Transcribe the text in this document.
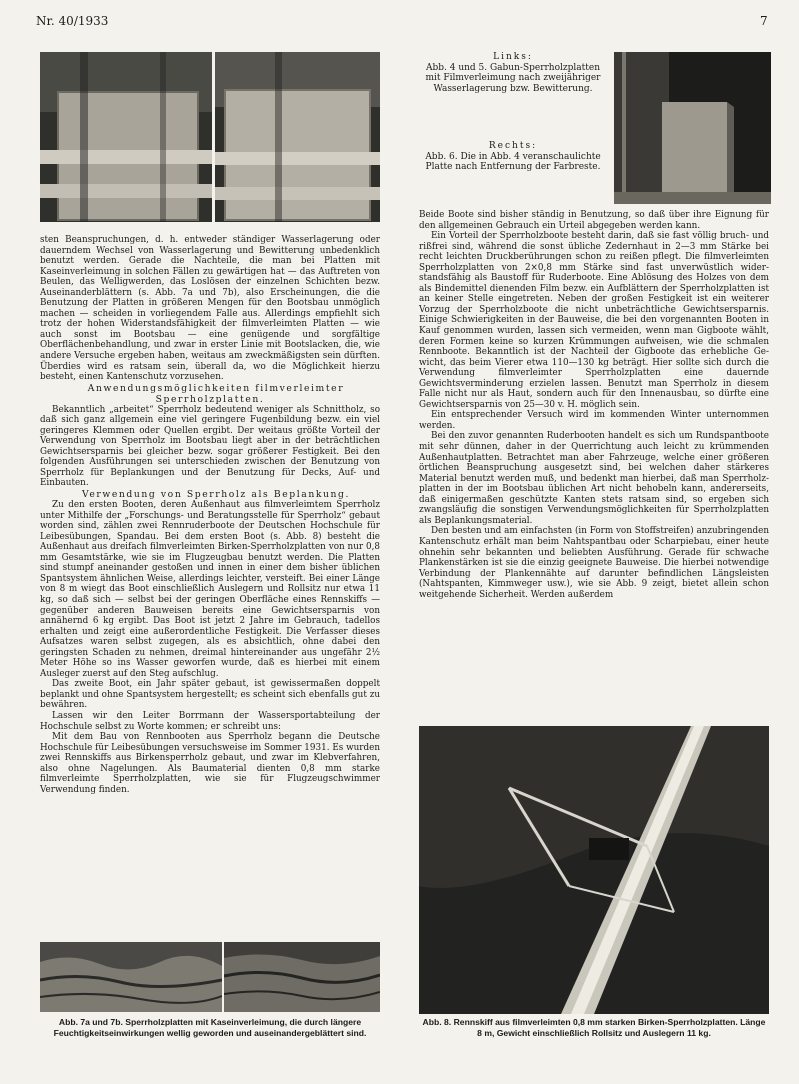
Nr. 40/1933	7
Links:
Abb. 4 und 5. Gabun-Sperrholzplatten mit Filmverleimung nach zweijähriger Wasserlagerung bzw. Bewitterung.
Rechts:
Abb. 6. Die in Abb. 4 veranschaulichte Platte nach Entfernung der Farbreste.

sten Beanspruchungen, d. h. entweder ständiger Wasserlagerung oder dauerndem Wechsel von Wasserlagerung und Bewitterung unbedenklich benutzt werden. Gerade die Nachteile, die man bei Platten mit Kaseinverleimung in solchen Fällen zu gewärtigen hat — das Auftreten von Beulen, das Welligwerden, das Loslösen der einzelnen Schichten bezw. Auseinanderblättern (s. Abb. 7a und 7b), also Erscheinungen, die die Benutzung der Platten in größeren Mengen für den Bootsbau unmöglich machen — scheiden in vorliegendem Falle aus. Allerdings empfiehlt sich trotz der hohen Widerstandsfähigkeit der filmverleimten Platten — wie auch sonst im Bootsbau — eine genügende und sorgfältige Oberflächenbehandlung, und zwar in erster Linie mit Bootslacken, die, wie andere Versuche ergeben haben, weitaus am zweckmäßigsten sein dürften. Überdies wird es ratsam sein, überall da, wo die Möglichkeit hierzu besteht, einen Kantenschutz vorzusehen.

Anwendungsmöglichkeiten filmverleimter Sperrholzplatten.

Bekanntlich „arbeitet“ Sperrholz bedeutend weniger als Schnittholz, so daß sich ganz allgemein eine viel geringere Fugenbildung bezw. ein viel geringeres Klemmen oder Quellen ergibt. Der weitaus größte Vorteil der Verwendung von Sperrholz im Bootsbau liegt aber in der beträchtlichen Gewichtsersparnis bei gleicher bezw. sogar größerer Festigkeit. Bei den folgenden Ausführungen sei unterschieden zwischen der Benutzung von Sperrholz für Beplankungen und der Benutzung für Decks, Auf- und Einbauten.

Verwendung von Sperrholz als Beplankung.

Zu den ersten Booten, deren Außenhaut aus filmverleimtem Sperrholz unter Mithilfe der „Forschungs- und Beratungsstelle für Sperrholz“ gebaut worden sind, zählen zwei Rennruderboote der Deutschen Hochschule für Leibesübungen, Spandau. Bei dem ersten Boot (s. Abb. 8) besteht die Außenhaut aus dreifach filmverleimten Birken-Sperrholzplatten von nur 0,8 mm Gesamtstärke, wie sie im Flugzeugbau benutzt werden. Die Platten sind stumpf aneinander gestoßen und innen in einer dem bisher üblichen Spantsystem ähnlichen Weise, allerdings leichter, versteift. Bei einer Länge von 8 m wiegt das Boot einschließlich Auslegern und Rollsitz nur etwa 11 kg, so daß sich — selbst bei der geringen Oberfläche eines Rennskiffs — gegenüber anderen Bauweisen bereits eine Gewichtsersparnis von annähernd 6 kg ergibt. Das Boot ist jetzt 2 Jahre im Gebrauch, tadellos erhalten und zeigt eine außerordentliche Festigkeit. Die Verfasser dieses Aufsatzes waren selbst zugegen, als es absichtlich, ohne dabei den geringsten Schaden zu nehmen, dreimal hintereinander aus ungefähr 2½ Meter Höhe so ins Wasser geworfen wurde, daß es hierbei mit einem Ausleger zuerst auf den Steg aufschlug.

Das zweite Boot, ein Jahr später gebaut, ist gewissermaßen doppelt beplankt und ohne Spantsystem hergestellt; es scheint sich ebenfalls gut zu bewähren.

Lassen wir den Leiter Borrmann der Wassersportabteilung der Hochschule selbst zu Worte kommen; er schreibt uns:

Mit dem Bau von Rennbooten aus Sperrholz begann die Deutsche Hochschule für Leibesübungen versuchsweise im Sommer 1931. Es wurden zwei Rennskiffs aus Birkensperrholz gebaut, und zwar im Klebverfahren, also ohne Nagelungen. Als Baumaterial dienten 0,8 mm starke filmverleimte Sperrholzplatten, wie sie für Flugzeugschwimmer Verwendung finden.

Beide Boote sind bisher ständig in Benutzung, so daß über ihre Eignung für den allgemeinen Gebrauch ein Urteil abgegeben werden kann.

Ein Vorteil der Sperrholzboote besteht darin, daß sie fast völlig bruch- und rißfrei sind, während die sonst übliche Zedernhaut in 2—3 mm Stärke bei recht leichten Druckberührungen schon zu reißen pflegt. Die filmverleimten Sperrholzplatten von 2×0,8 mm Stärke sind fast unverwüstlich widerstandsfähig als Baustoff für Ruderboote. Eine Ablösung des Holzes von dem als Bindemittel dienenden Film bezw. ein Aufblättern der Sperrholzplatten ist an keiner Stelle eingetreten. Neben der großen Festigkeit ist ein weiterer Vorzug der Sperrholzboote die nicht unbeträchtliche Gewichtsersparnis. Einige Schwierigkeiten in der Bauweise, die bei den vorgenannten Booten in Kauf genommen wurden, lassen sich vermeiden, wenn man Gigboote wählt, deren Formen keine so kurzen Krümmungen aufweisen, wie die schmalen Rennboote. Bekanntlich ist der Nachteil der Gigboote das erhebliche Gewicht, das beim Vierer etwa 110—130 kg beträgt. Hier sollte sich durch die Verwendung filmverleimter Sperrholzplatten eine dauernde Gewichtsverminderung erzielen lassen. Benutzt man Sperrholz in diesem Falle nicht nur als Haut, sondern auch für den Innenausbau, so dürfte eine Gewichtsersparnis von 25—30 v. H. möglich sein.

Ein entsprechender Versuch wird im kommenden Winter unternommen werden.

Bei den zuvor genannten Ruderbooten handelt es sich um Rundspantboote mit sehr dünnen, daher in der Querrichtung auch leicht zu krümmenden Außenhautplatten. Betrachtet man aber Fahrzeuge, welche einer größeren örtlichen Beanspruchung ausgesetzt sind, bei welchen daher stärkeres Material benutzt werden muß, und bedenkt man hierbei, daß man Sperrholzplatten in der im Bootsbau üblichen Art nicht behobeln kann, andererseits, daß einigermaßen geschützte Kanten stets ratsam sind, so ergeben sich zwangsläufig die sonstigen Verwendungsmöglichkeiten für Sperrholzplatten als Beplankungsmaterial.

Den besten und am einfachsten (in Form von Stoffstreifen) anzubringenden Kantenschutz erhält man beim Nahtspantbau oder Scharpiebau, einer heute ohnehin sehr bekannten und beliebten Ausführung. Gerade für schwache Plankenstärken ist sie die einzig geeignete Bauweise. Die hierbei notwendige Verbindung der Plankennähte auf darunter befindlichen Längsleisten (Nahtspanten, Kimmweger usw.), wie sie Abb. 9 zeigt, bietet allein schon weitgehende Sicherheit. Werden außerdem

Abb. 7a und 7b. Sperrholzplatten mit Kaseinverleimung, die durch längere Feuchtigkeitseinwirkungen wellig geworden und auseinandergeblättert sind.
Abb. 8. Rennskiff aus filmverleimten 0,8 mm starken Birken-Sperrholzplatten. Länge 8 m, Gewicht einschließlich Rollsitz und Auslegern 11 kg.
